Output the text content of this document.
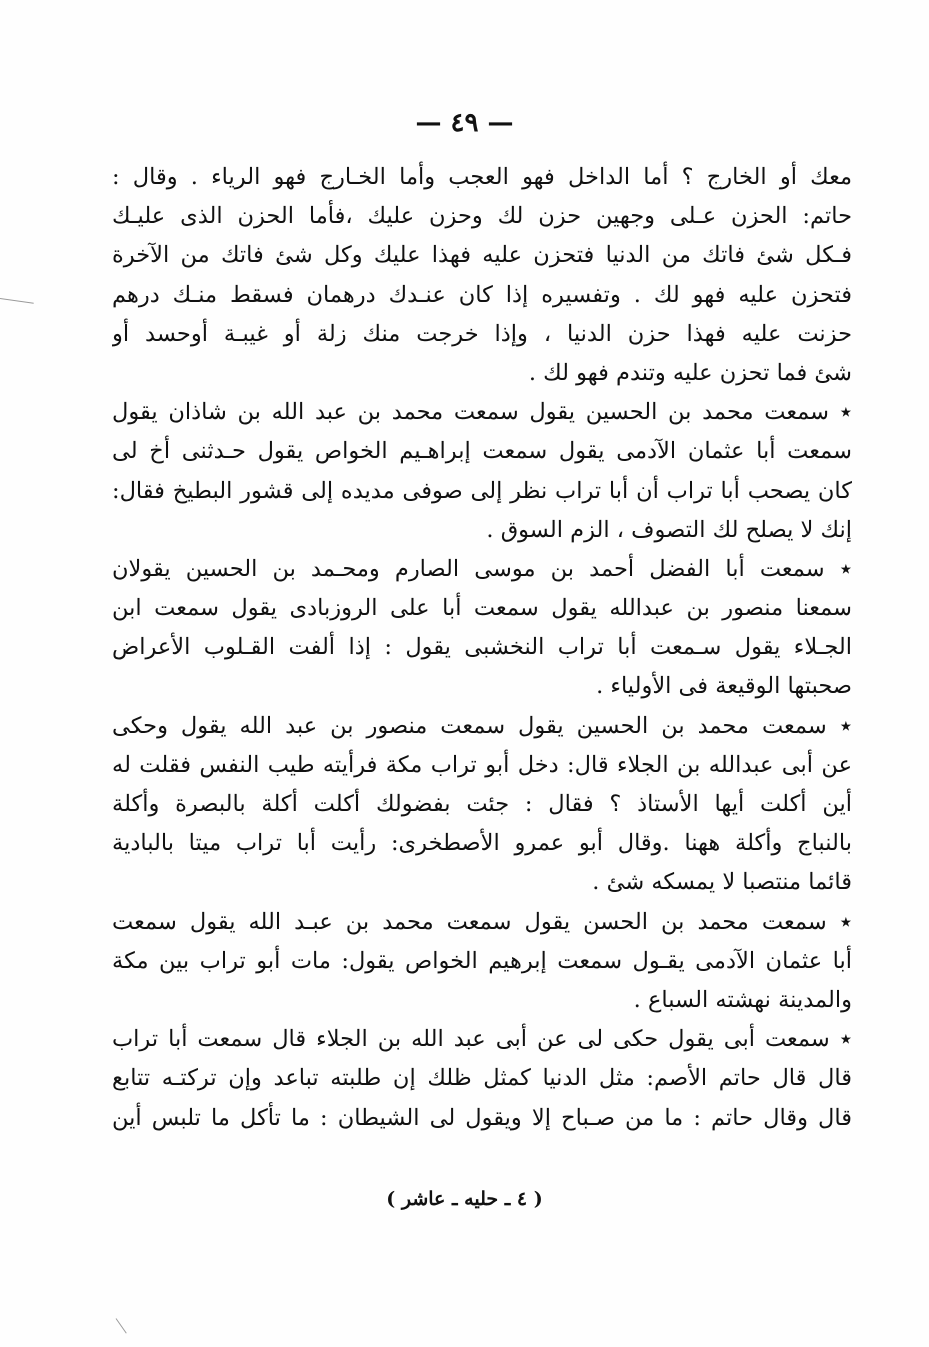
— ٤٩ —
معك أو الخارج ؟ أما الداخل فهو العجب وأما الخـارج فهو الرياء . وقال :
حاتم: الحزن عـلى وجهين حزن لك وحزن عليك ،فأما الحزن الذى عليـك
فـكل شئ فاتك من الدنيا فتحزن عليه فهذا عليك وكل شئ فاتك من الآخرة
فتحزن عليه فهو لك . وتفسيره إذا كان عنـدك درهمان فسقط منـك درهم
حزنت عليه فهذا حزن الدنيا ، وإذا خرجت منك زلة أو غيبـة أوحسد أو
شئ فما تحزن عليه وتندم فهو لك .
٭ سمعت محمد بن الحسين يقول سمعت محمد بن عبد الله بن شاذان يقول
سمعت أبا عثمان الآدمى يقول سمعت إبراهـيم الخواص يقول حـدثنى أخ لى
كان يصحب أبا تراب أن أبا تراب نظر إلى صوفى مديده إلى قشور البطيخ فقال:
إنك لا يصلح لك التصوف ، الزم السوق .
٭ سمعت أبا الفضل أحمد بن موسى الصارم ومحـمد بن الحسين يقولان
سمعنا منصور بن عبدالله يقول سمعت أبا على الروزبادى يقول سمعت ابن
الجـلاء يقول سـمعت أبا تراب النخشبى يقول : إذا ألفت القـلوب الأعراض
صحبتها الوقيعة فى الأولياء .
٭ سمعت محمد بن الحسين يقول سمعت منصور بن عبد الله يقول وحكى
عن أبى عبدالله بن الجلاء قال: دخل أبو تراب مكة فرأيته طيب النفس فقلت له
أين أكلت أيها الأستاذ ؟ فقال : جئت بفضولك أكلت أكلة بالبصرة وأكلة
بالنباج وأكلة ههنا .وقال أبو عمرو الأصطخرى: رأيت أبا تراب ميتا بالبادية
قائما منتصبا لا يمسكه شئ .
٭ سمعت محمد بن الحسن يقول سمعت محمد بن عبـد الله يقول سمعت
أبا عثمان الآدمى يقـول سمعت إبرهيم الخواص يقول: مات أبو تراب بين مكة
والمدينة نهشته السباع .
٭ سمعت أبى يقول حكى لى عن أبى عبد الله بن الجلاء قال سمعت أبا تراب
قال قال حاتم الأصم: مثل الدنيا كمثل ظلك إن طلبته تباعد وإن تركتـه تتابع
قال وقال حاتم : ما من صـباح إلا ويقول لى الشيطان : ما تأكل ما تلبس أين
( ٤ ـ حليه ـ عاشر )
